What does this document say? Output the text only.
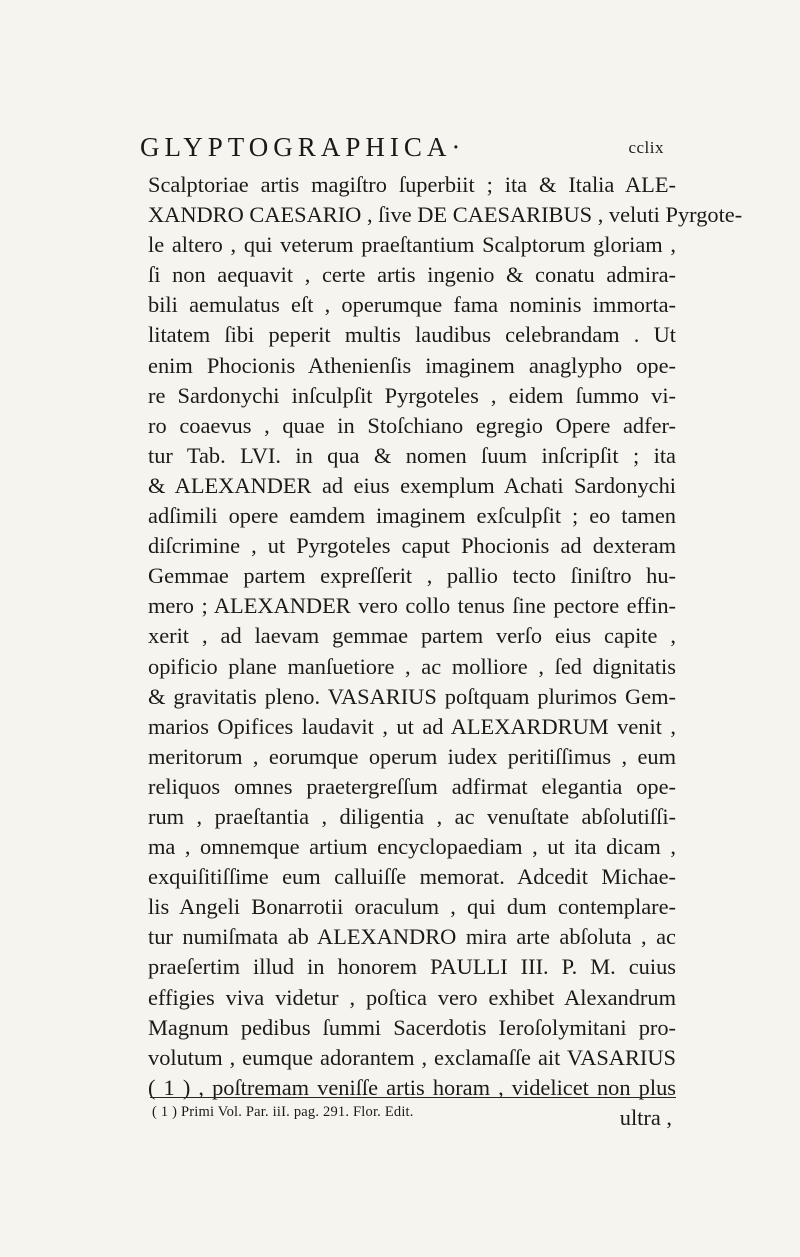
GLYPTOGRAPHICA·	cclix
Scalptoriae artis magiſtro ſuperbiit ; ita & Italia ALE-
XANDRO CAESARIO , ſive DE CAESARIBUS , veluti Pyrgote-
le altero , qui veterum praeſtantium Scalptorum gloriam ,
ſi non aequavit , certe artis ingenio & conatu admira-
bili aemulatus eſt , operumque fama nominis immorta-
litatem ſibi peperit multis laudibus celebrandam . Ut
enim Phocionis Athenienſis imaginem anaglypho ope-
re Sardonychi inſculpſit Pyrgoteles , eidem ſummo vi-
ro coaevus , quae in Stoſchiano egregio Opere adfer-
tur Tab. LVI. in qua & nomen ſuum inſcripſit ; ita
& ALEXANDER ad eius exemplum Achati Sardonychi
adſimili opere eamdem imaginem exſculpſit ; eo tamen
diſcrimine , ut Pyrgoteles caput Phocionis ad dexteram
Gemmae partem expreſſerit , pallio tecto ſiniſtro hu-
mero ; ALEXANDER vero collo tenus ſine pectore effin-
xerit , ad laevam gemmae partem verſo eius capite ,
opificio plane manſuetiore , ac molliore , ſed dignitatis
& gravitatis pleno. VASARIUS poſtquam plurimos Gem-
marios Opifices laudavit , ut ad ALEXARDRUM venit ,
meritorum , eorumque operum iudex peritiſſimus , eum
reliquos omnes praetergreſſum adfirmat elegantia ope-
rum , praeſtantia , diligentia , ac venuſtate abſolutiſſi-
ma , omnemque artium encyclopaediam , ut ita dicam ,
exquiſitiſſime eum calluiſſe memorat. Adcedit Michae-
lis Angeli Bonarrotii oraculum , qui dum contemplare-
tur numiſmata ab ALEXANDRO mira arte abſoluta , ac
praeſertim illud in honorem PAULLI III. P. M. cuius
effigies viva videtur , poſtica vero exhibet Alexandrum
Magnum pedibus ſummi Sacerdotis Ieroſolymitani pro-
volutum , eumque adorantem , exclamaſſe ait VASARIUS
( 1 ) , poſtremam veniſſe artis horam , videlicet non plus
ultra ,
( 1 ) Primi Vol. Par. iiI. pag. 291. Flor. Edit.
